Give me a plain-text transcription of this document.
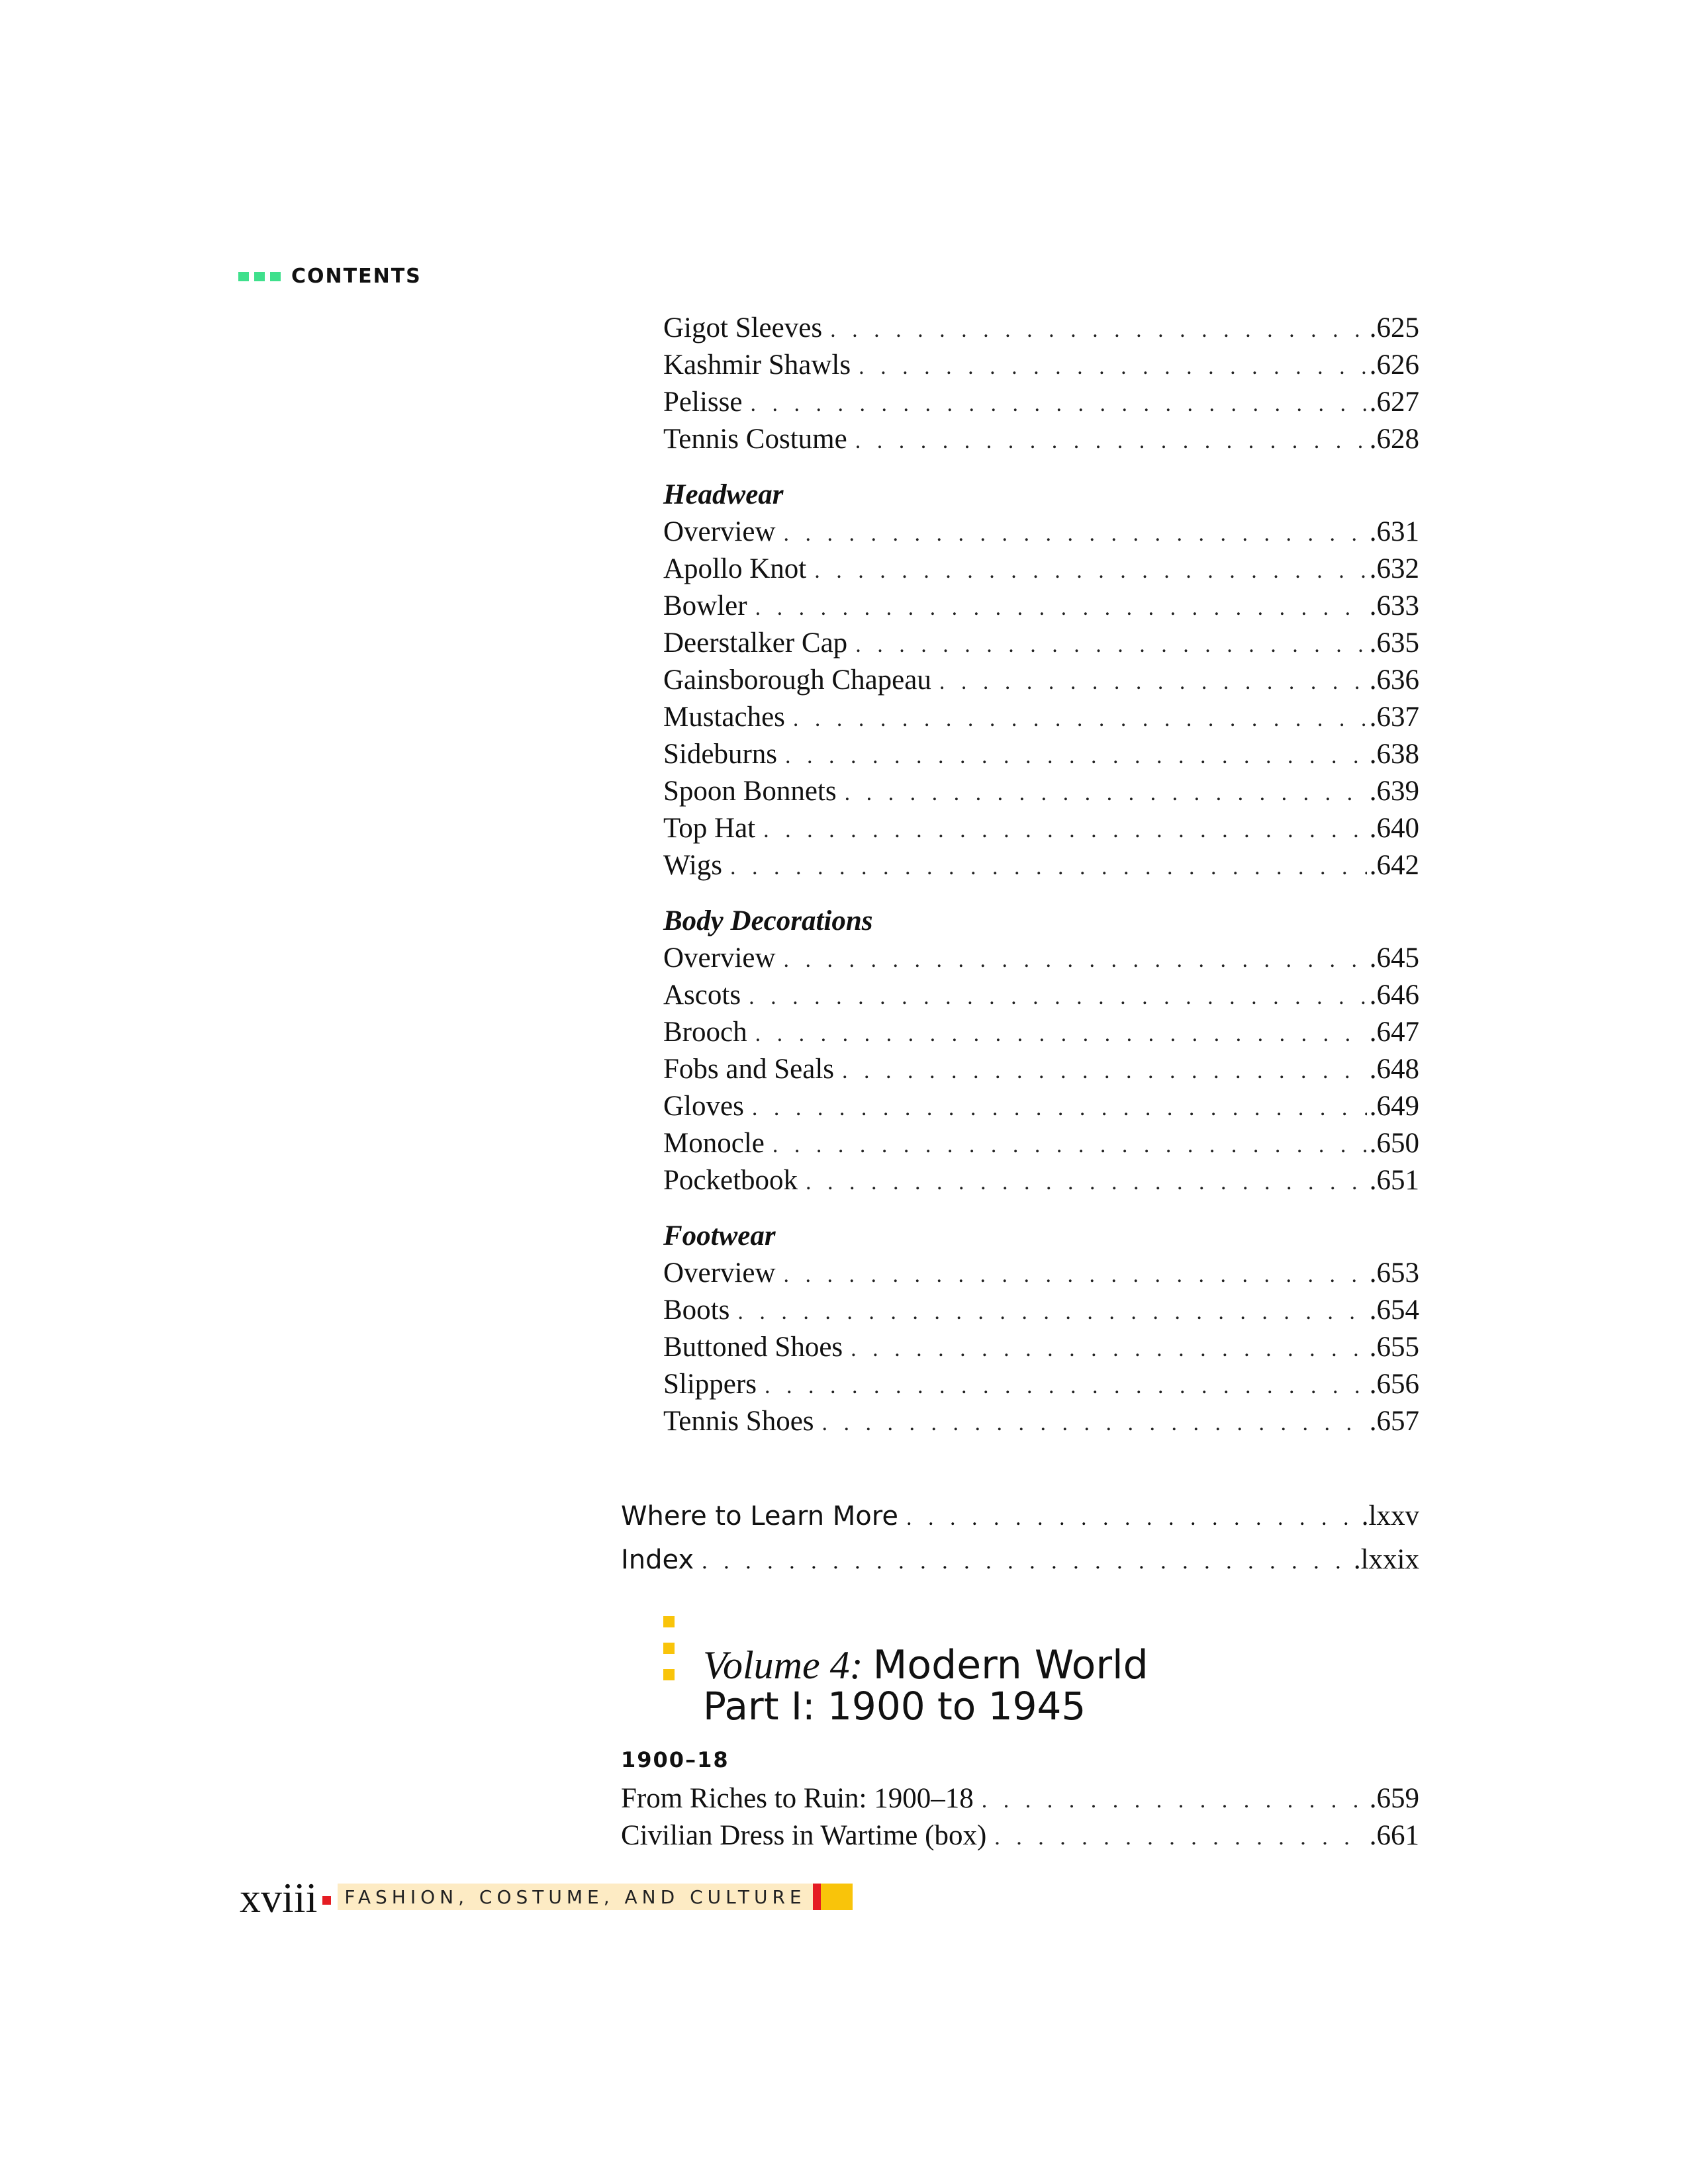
CONTENTS
Gigot Sleeves . . .	.625
Kashmir Shawls . . .	.626
Pelisse . . .	.627
Tennis Costume . . .	.628
Headwear
Overview . . .	.631
Apollo Knot . . .	.632
Bowler . . .	.633
Deerstalker Cap . . .	.635
Gainsborough Chapeau . . .	.636
Mustaches . . .	.637
Sideburns . . .	.638
Spoon Bonnets . . .	.639
Top Hat . . .	.640
Wigs . . .	.642
Body Decorations
Overview . . .	.645
Ascots . . .	.646
Brooch . . .	.647
Fobs and Seals . . .	.648
Gloves . . .	.649
Monocle . . .	.650
Pocketbook . . .	.651
Footwear
Overview . . .	.653
Boots . . .	.654
Buttoned Shoes . . .	.655
Slippers . . .	.656
Tennis Shoes . . .	.657
Where to Learn More . . .	.lxxv
Index . . .	.lxxix
Volume 4: Modern World
Part I: 1900 to 1945
1900–18
From Riches to Ruin: 1900–18 . . .	.659
Civilian Dress in Wartime (box) . . .	.661
xviii FASHION, COSTUME, AND CULTURE
